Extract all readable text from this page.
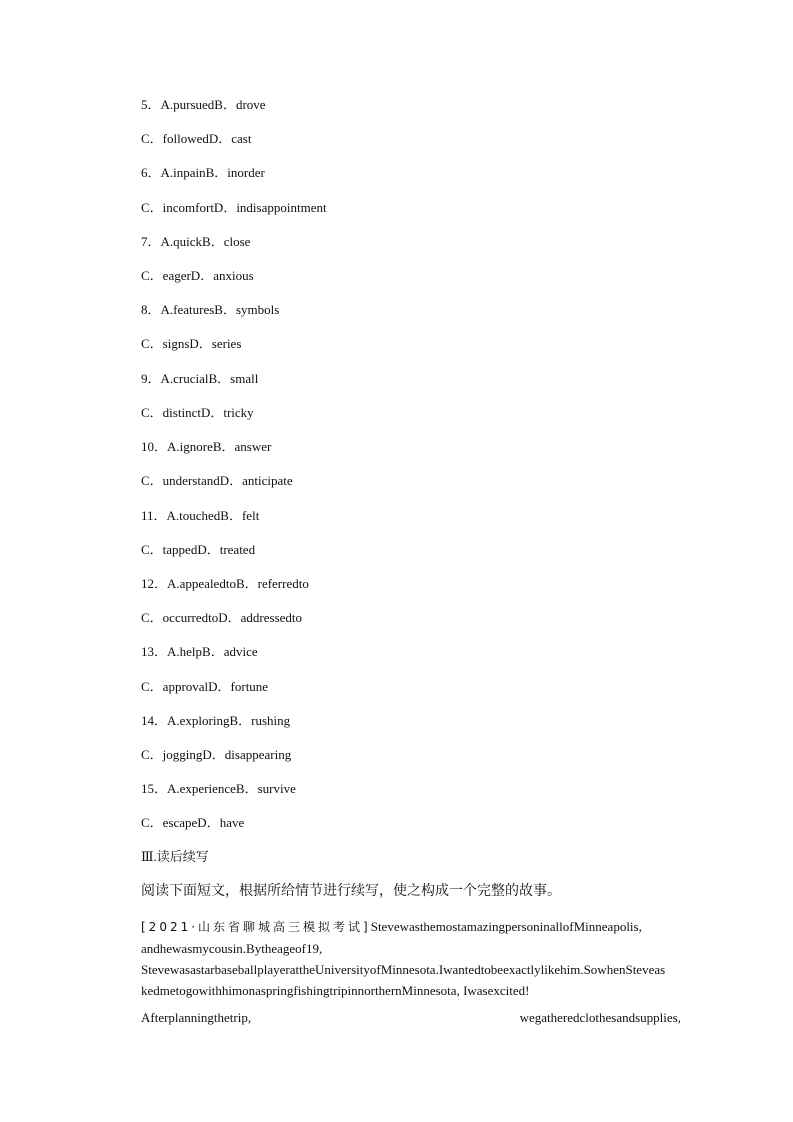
5．A.pursuedB．drove
C．followedD．cast
6．A.inpainB．inorder
C．incomfortD．indisappointment
7．A.quickB．close
C．eagerD．anxious
8．A.featuresB．symbols
C．signsD．series
9．A.crucialB．small
C．distinctD．tricky
10．A.ignoreB．answer
C．understandD．anticipate
11．A.touchedB．felt
C．tappedD．treated
12．A.appealedtoB．referredto
C．occurredtoD．addressedto
13．A.helpB．advice
C．approvalD．fortune
14．A.exploringB．rushing
C．joggingD．disappearing
15．A.experienceB．survive
C．escapeD．have
Ⅲ.读后续写
阅读下面短文，根据所给情节进行续写，使之构成一个完整的故事。
[2021·山东省聊城高三模拟考试]StevewasthemostamazingpersoninallofMinneapolis,
andhewasmycousin.Bytheageof19,
StevewasastarbaseballplayerattheUniversityofMinnesota.Iwantedtobeexactlylikehim.SowhenSteveas
kedmetogowithhimonaspringfishingtripinnorthernMinnesota, Iwasexcited!
Afterplanningthetrip,	wegatheredclothesandsupplies,
